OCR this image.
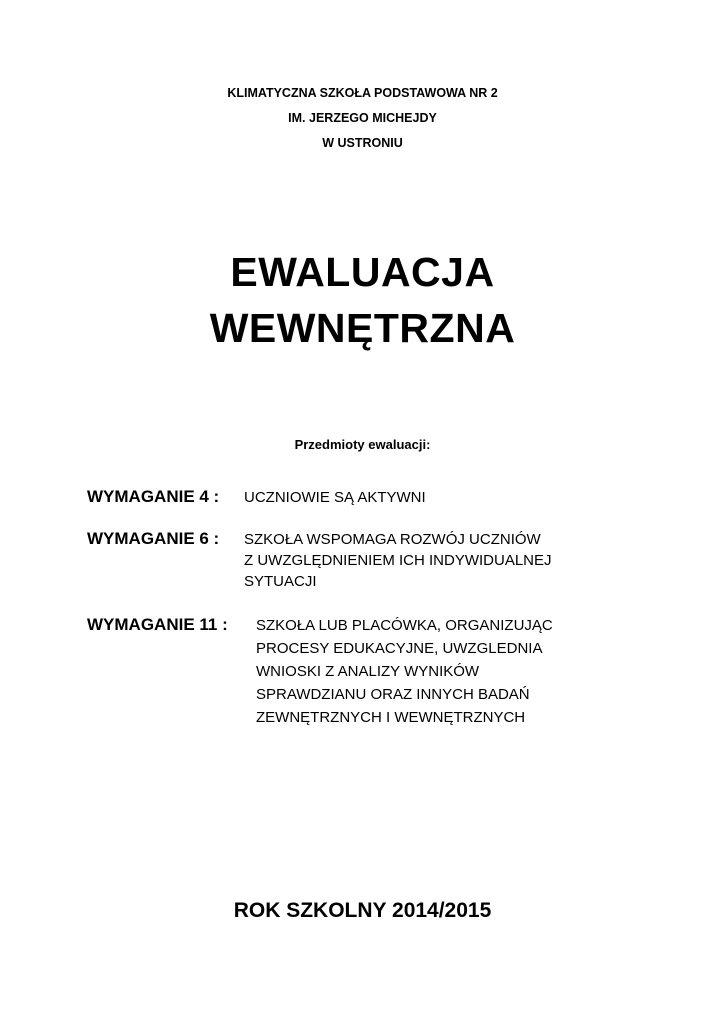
KLIMATYCZNA SZKOŁA PODSTAWOWA NR 2
IM. JERZEGO MICHEJDY
W USTRONIU
EWALUACJA
WEWNĘTRZNA
Przedmioty ewaluacji:
WYMAGANIE 4 : UCZNIOWIE SĄ AKTYWNI
WYMAGANIE 6 : SZKOŁA WSPOMAGA ROZWÓJ UCZNIÓW
Z UWZGLĘDNIENIEM ICH INDYWIDUALNEJ
SYTUACJI
WYMAGANIE 11 : SZKOŁA LUB PLACÓWKA, ORGANIZUJĄC
PROCESY EDUKACYJNE, UWZGLEDNIA
WNIOSKI Z ANALIZY WYNIKÓW
SPRAWDZIANU ORAZ INNYCH BADAŃ
ZEWNĘTRZNYCH I WEWNĘTRZNYCH
ROK SZKOLNY 2014/2015
